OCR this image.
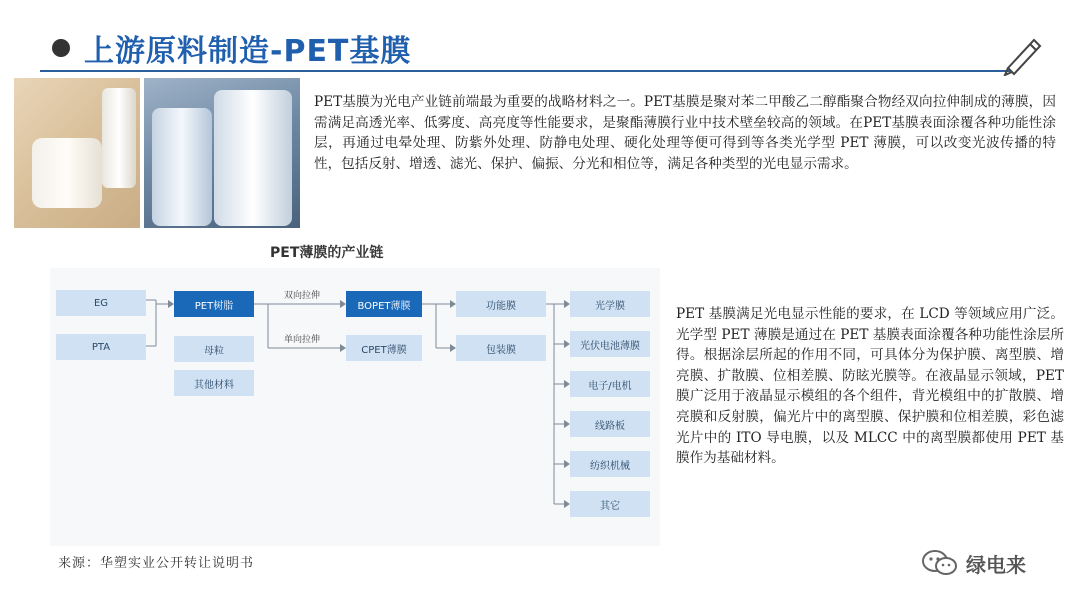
上游原料制造-PET基膜
PET基膜为光电产业链前端最为重要的战略材料之一。PET基膜是聚对苯二甲酸乙二醇酯聚合物经双向拉伸制成的薄膜，因需满足高透光率、低雾度、高亮度等性能要求，是聚酯薄膜行业中技术壁垒较高的领域。在PET基膜表面涂覆各种功能性涂层，再通过电晕处理、防紫外处理、防静电处理、硬化处理等便可得到等各类光学型 PET 薄膜，可以改变光波传播的特性，包括反射、增透、滤光、保护、偏振、分光和相位等，满足各种类型的光电显示需求。
PET薄膜的产业链
EG
PTA
PET树脂
母粒
其他材料
双向拉伸
单向拉伸
BOPET薄膜
CPET薄膜
功能膜
包装膜
光学膜
光伏电池薄膜
电子/电机
线路板
纺织机械
其它
PET 基膜满足光电显示性能的要求，在 LCD 等领域应用广泛。光学型 PET 薄膜是通过在 PET 基膜表面涂覆各种功能性涂层所得。根据涂层所起的作用不同，可具体分为保护膜、离型膜、增亮膜、扩散膜、位相差膜、防眩光膜等。在液晶显示领域，PET 膜广泛用于液晶显示模组的各个组件，背光模组中的扩散膜、增亮膜和反射膜，偏光片中的离型膜、保护膜和位相差膜，彩色滤光片中的 ITO 导电膜，以及 MLCC 中的离型膜都使用 PET 基膜作为基础材料。
来源：华塑实业公开转让说明书	绿电来
